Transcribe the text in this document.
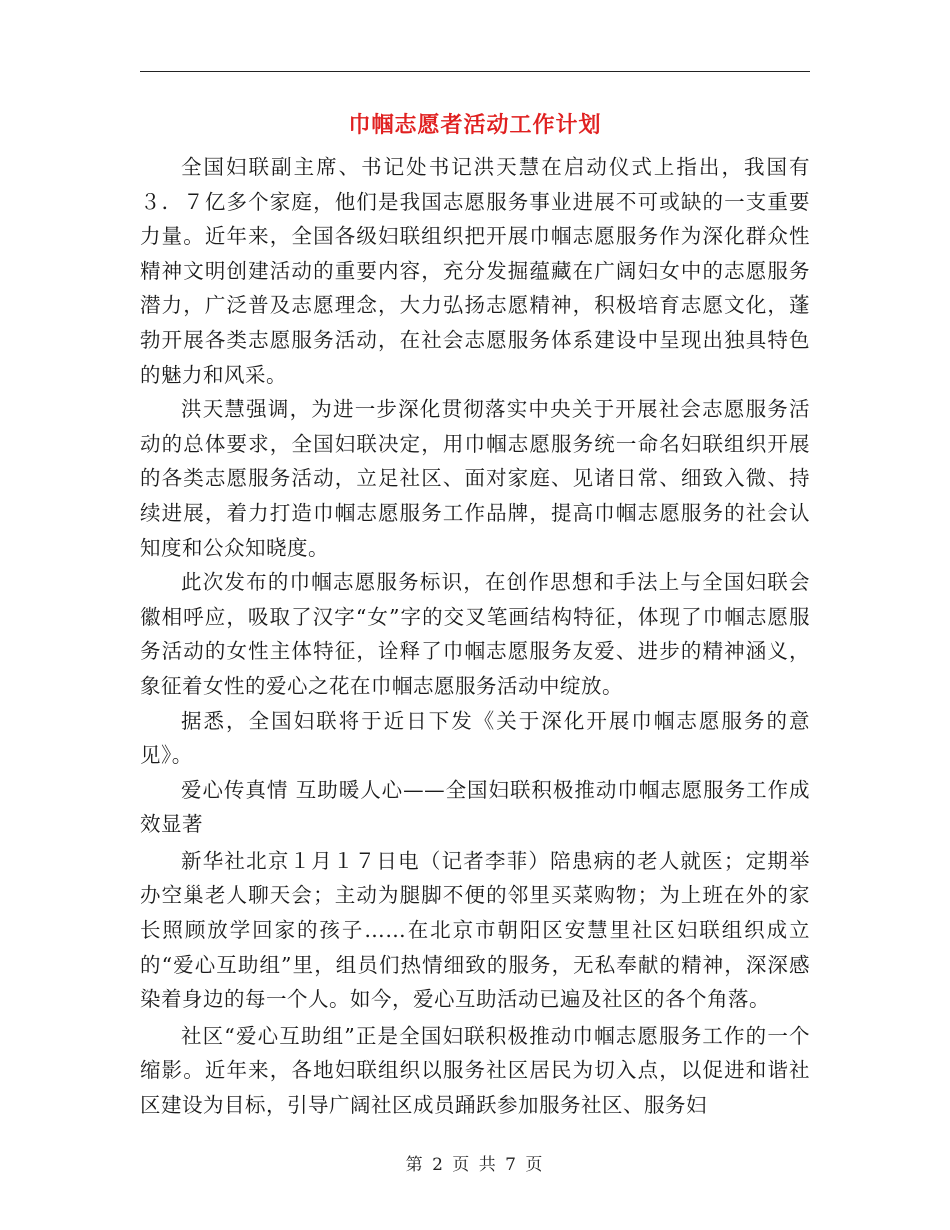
巾帼志愿者活动工作计划

全国妇联副主席、书记处书记洪天慧在启动仪式上指出，我国有３．７亿多个家庭，他们是我国志愿服务事业进展不可或缺的一支重要力量。近年来，全国各级妇联组织把开展巾帼志愿服务作为深化群众性精神文明创建活动的重要内容，充分发掘蕴藏在广阔妇女中的志愿服务潜力，广泛普及志愿理念，大力弘扬志愿精神，积极培育志愿文化，蓬勃开展各类志愿服务活动，在社会志愿服务体系建设中呈现出独具特色的魅力和风采。

洪天慧强调，为进一步深化贯彻落实中央关于开展社会志愿服务活动的总体要求，全国妇联决定，用巾帼志愿服务统一命名妇联组织开展的各类志愿服务活动，立足社区、面对家庭、见诸日常、细致入微、持续进展，着力打造巾帼志愿服务工作品牌，提高巾帼志愿服务的社会认知度和公众知晓度。

此次发布的巾帼志愿服务标识，在创作思想和手法上与全国妇联会徽相呼应，吸取了汉字“女”字的交叉笔画结构特征，体现了巾帼志愿服务活动的女性主体特征，诠释了巾帼志愿服务友爱、进步的精神涵义，象征着女性的爱心之花在巾帼志愿服务活动中绽放。

据悉，全国妇联将于近日下发《关于深化开展巾帼志愿服务的意见》。

爱心传真情 互助暖人心——全国妇联积极推动巾帼志愿服务工作成效显著

新华社北京１月１７日电（记者李菲）陪患病的老人就医；定期举办空巢老人聊天会；主动为腿脚不便的邻里买菜购物；为上班在外的家长照顾放学回家的孩子……在北京市朝阳区安慧里社区妇联组织成立的“爱心互助组”里，组员们热情细致的服务，无私奉献的精神，深深感染着身边的每一个人。如今，爱心互助活动已遍及社区的各个角落。

社区“爱心互助组”正是全国妇联积极推动巾帼志愿服务工作的一个缩影。近年来，各地妇联组织以服务社区居民为切入点，以促进和谐社区建设为目标，引导广阔社区成员踊跃参加服务社区、服务妇

第 2 页 共 7 页
